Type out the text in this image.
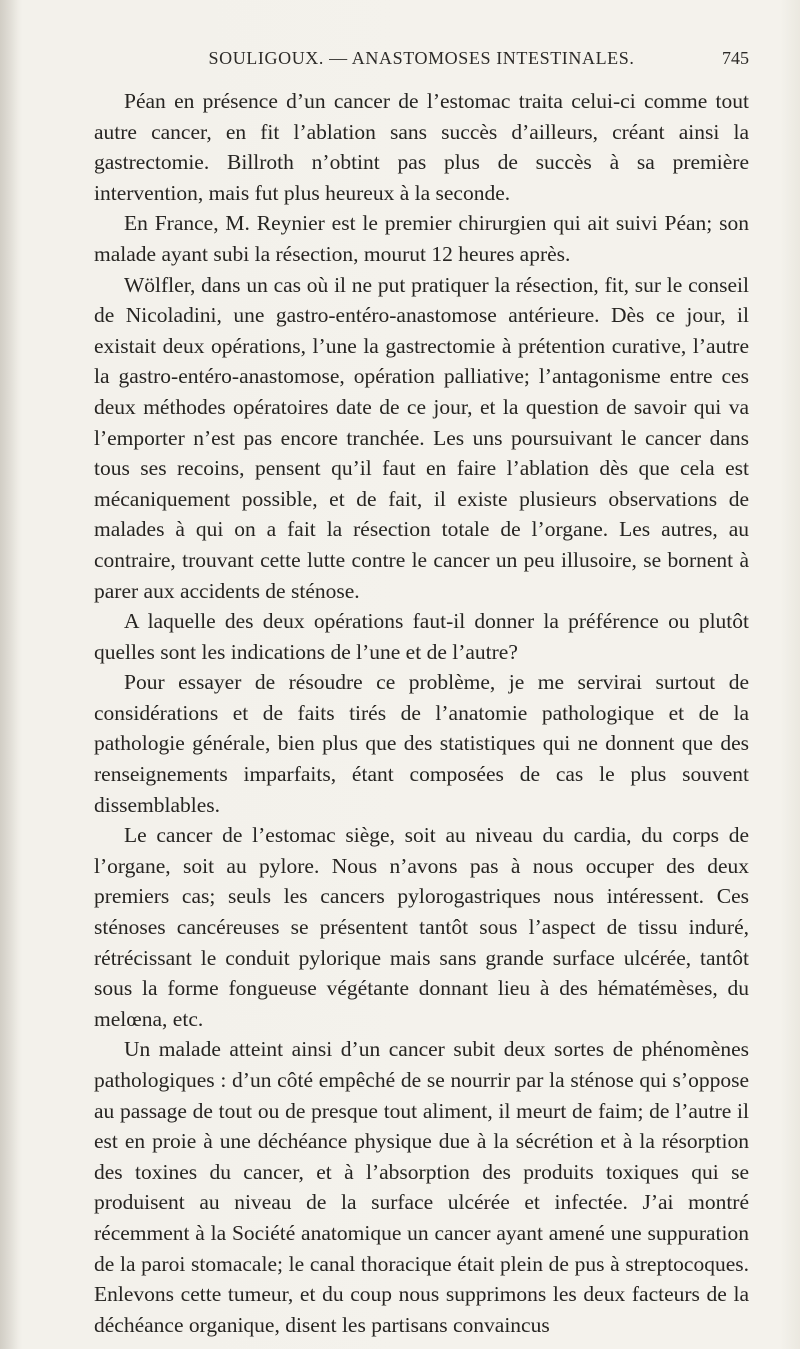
SOULIGOUX. — ANASTOMOSES INTESTINALES.	745

Péan en présence d’un cancer de l’estomac traita celui-ci comme tout autre cancer, en fit l’ablation sans succès d’ailleurs, créant ainsi la gastrectomie. Billroth n’obtint pas plus de succès à sa première intervention, mais fut plus heureux à la seconde.

En France, M. Reynier est le premier chirurgien qui ait suivi Péan; son malade ayant subi la résection, mourut 12 heures après.

Wölfler, dans un cas où il ne put pratiquer la résection, fit, sur le conseil de Nicoladini, une gastro-entéro-anastomose antérieure. Dès ce jour, il existait deux opérations, l’une la gastrectomie à prétention curative, l’autre la gastro-entéro-anastomose, opération palliative; l’antagonisme entre ces deux méthodes opératoires date de ce jour, et la question de savoir qui va l’emporter n’est pas encore tranchée. Les uns poursuivant le cancer dans tous ses recoins, pensent qu’il faut en faire l’ablation dès que cela est mécaniquement possible, et de fait, il existe plusieurs observations de malades à qui on a fait la résection totale de l’organe. Les autres, au contraire, trouvant cette lutte contre le cancer un peu illusoire, se bornent à parer aux accidents de sténose.

A laquelle des deux opérations faut-il donner la préférence ou plutôt quelles sont les indications de l’une et de l’autre?

Pour essayer de résoudre ce problème, je me servirai surtout de considérations et de faits tirés de l’anatomie pathologique et de la pathologie générale, bien plus que des statistiques qui ne donnent que des renseignements imparfaits, étant composées de cas le plus souvent dissemblables.

Le cancer de l’estomac siège, soit au niveau du cardia, du corps de l’organe, soit au pylore. Nous n’avons pas à nous occuper des deux premiers cas; seuls les cancers pylorogastriques nous intéressent. Ces sténoses cancéreuses se présentent tantôt sous l’aspect de tissu induré, rétrécissant le conduit pylorique mais sans grande surface ulcérée, tantôt sous la forme fongueuse végétante donnant lieu à des hématémèses, du melœna, etc.

Un malade atteint ainsi d’un cancer subit deux sortes de phénomènes pathologiques : d’un côté empêché de se nourrir par la sténose qui s’oppose au passage de tout ou de presque tout aliment, il meurt de faim; de l’autre il est en proie à une déchéance physique due à la sécrétion et à la résorption des toxines du cancer, et à l’absorption des produits toxiques qui se produisent au niveau de la surface ulcérée et infectée. J’ai montré récemment à la Société anatomique un cancer ayant amené une suppuration de la paroi stomacale; le canal thoracique était plein de pus à streptocoques. Enlevons cette tumeur, et du coup nous supprimons les deux facteurs de la déchéance organique, disent les partisans convaincus
